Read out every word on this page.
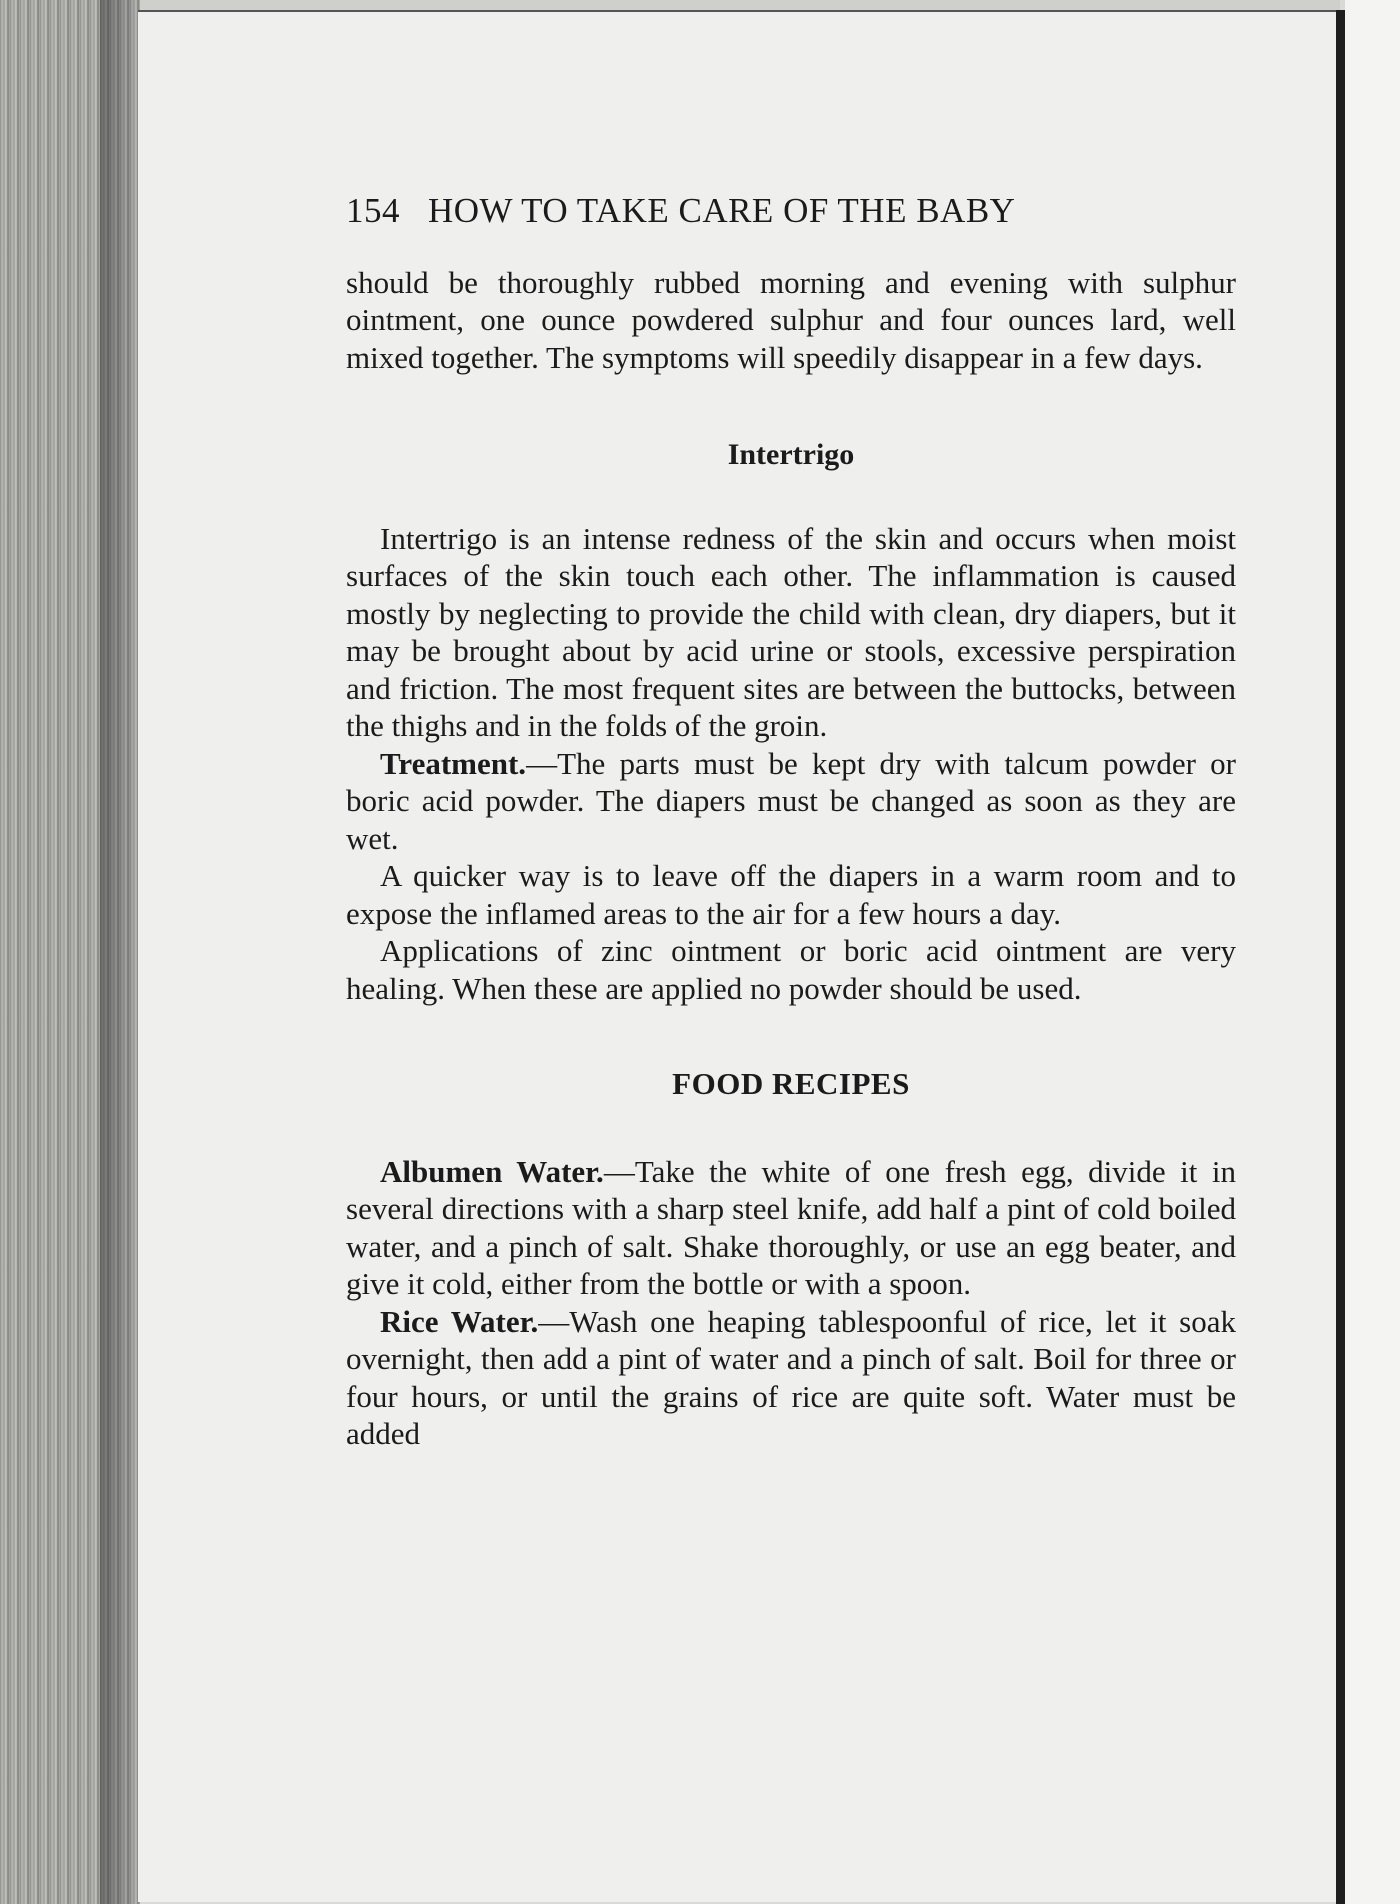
154 HOW TO TAKE CARE OF THE BABY

should be thoroughly rubbed morning and evening with sulphur ointment, one ounce powdered sulphur and four ounces lard, well mixed together. The symptoms will speedily disappear in a few days.

Intertrigo

Intertrigo is an intense redness of the skin and occurs when moist surfaces of the skin touch each other. The inflammation is caused mostly by neglecting to provide the child with clean, dry diapers, but it may be brought about by acid urine or stools, excessive perspiration and friction. The most frequent sites are between the buttocks, between the thighs and in the folds of the groin.

Treatment.—The parts must be kept dry with talcum powder or boric acid powder. The diapers must be changed as soon as they are wet.

A quicker way is to leave off the diapers in a warm room and to expose the inflamed areas to the air for a few hours a day.

Applications of zinc ointment or boric acid ointment are very healing. When these are applied no powder should be used.

FOOD RECIPES

Albumen Water.—Take the white of one fresh egg, divide it in several directions with a sharp steel knife, add half a pint of cold boiled water, and a pinch of salt. Shake thoroughly, or use an egg beater, and give it cold, either from the bottle or with a spoon.

Rice Water.—Wash one heaping tablespoonful of rice, let it soak overnight, then add a pint of water and a pinch of salt. Boil for three or four hours, or until the grains of rice are quite soft. Water must be added
